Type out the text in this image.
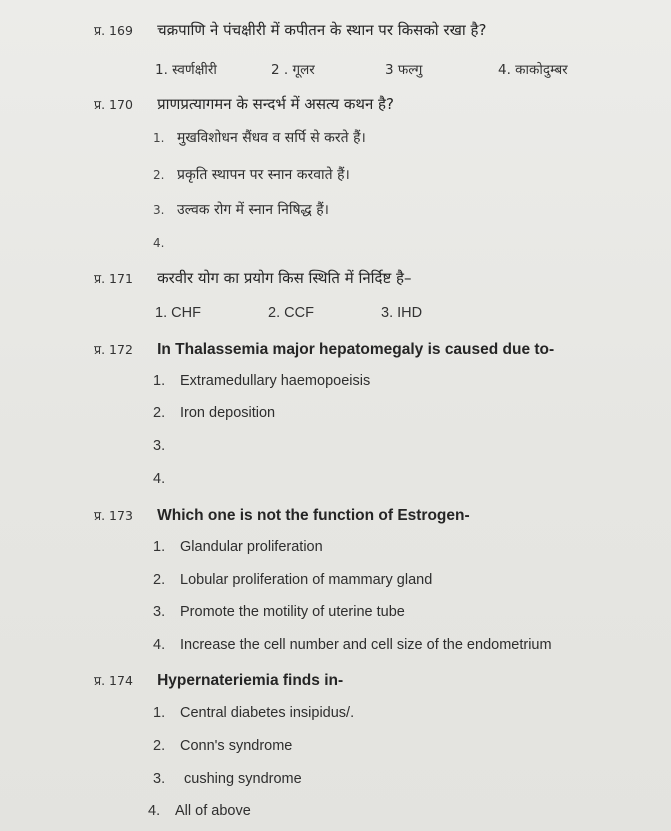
प्र. 169 चक्रपाणि ने पंचक्षीरी में कपीतन के स्थान पर किसको रखा है?
1. स्वर्णक्षीरी	2 . गूलर	3 फल्गु	4. काकोदुम्बर
प्र. 170 प्राणप्रत्यागमन के सन्दर्भ में असत्य कथन है?
1. मुखविशोधन सैंधव व सर्पि से करते हैं।
2. प्रकृति स्थापन पर स्नान करवाते हैं।
3. उल्वक रोग में स्नान निषिद्ध हैं।
4.
प्र. 171 करवीर योग का प्रयोग किस स्थिति में निर्दिष्ट है–
1. CHF	2. CCF	3. IHD
प्र. 172 In Thalassemia major hepatomegaly is caused due to-
1. Extramedullary haemopoeisis
2. Iron deposition
3.
4.
प्र. 173 Which one is not the function of Estrogen-
1. Glandular proliferation
2. Lobular proliferation of mammary gland
3. Promote the motility of uterine tube
4. Increase the cell number and cell size of the endometrium
प्र. 174 Hypernateriemia finds in-
1. Central diabetes insipidus/.
2. Conn's syndrome
3. cushing syndrome
4. All of above
